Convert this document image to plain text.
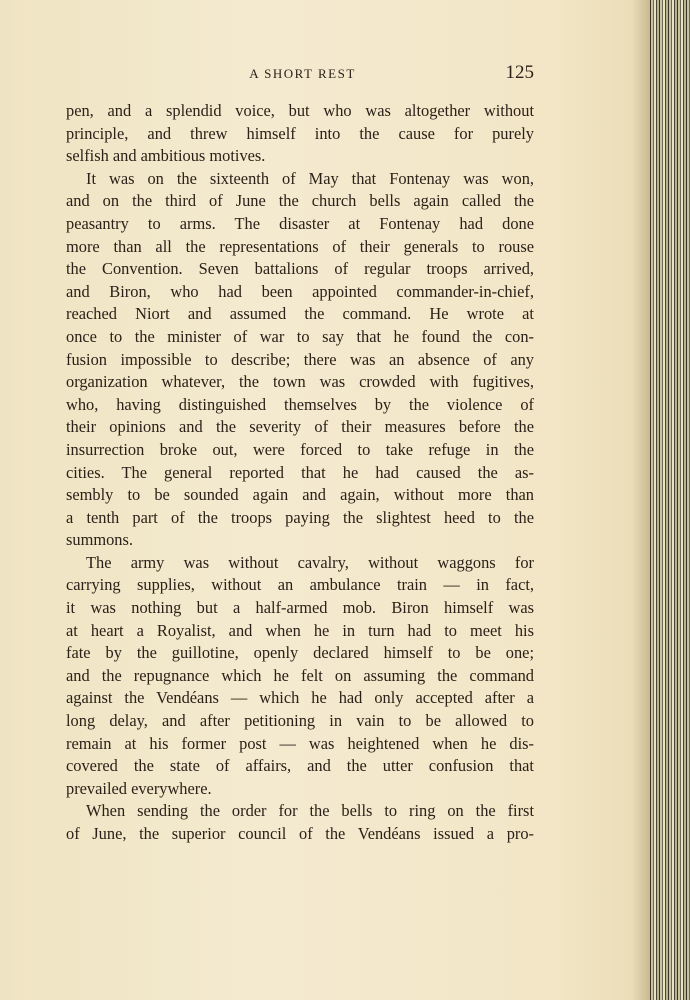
A SHORT REST	125
pen, and a splendid voice, but who was altogether without
principle, and threw himself into the cause for purely
selfish and ambitious motives.
It was on the sixteenth of May that Fontenay was won,
and on the third of June the church bells again called the
peasantry to arms. The disaster at Fontenay had done
more than all the representations of their generals to rouse
the Convention. Seven battalions of regular troops arrived,
and Biron, who had been appointed commander-in-chief,
reached Niort and assumed the command. He wrote at
once to the minister of war to say that he found the con-
fusion impossible to describe; there was an absence of any
organization whatever, the town was crowded with fugitives,
who, having distinguished themselves by the violence of
their opinions and the severity of their measures before the
insurrection broke out, were forced to take refuge in the
cities. The general reported that he had caused the as-
sembly to be sounded again and again, without more than
a tenth part of the troops paying the slightest heed to the
summons.
The army was without cavalry, without waggons for
carrying supplies, without an ambulance train — in fact,
it was nothing but a half-armed mob. Biron himself was
at heart a Royalist, and when he in turn had to meet his
fate by the guillotine, openly declared himself to be one;
and the repugnance which he felt on assuming the command
against the Vendéans — which he had only accepted after a
long delay, and after petitioning in vain to be allowed to
remain at his former post — was heightened when he dis-
covered the state of affairs, and the utter confusion that
prevailed everywhere.
When sending the order for the bells to ring on the first
of June, the superior council of the Vendéans issued a pro-
